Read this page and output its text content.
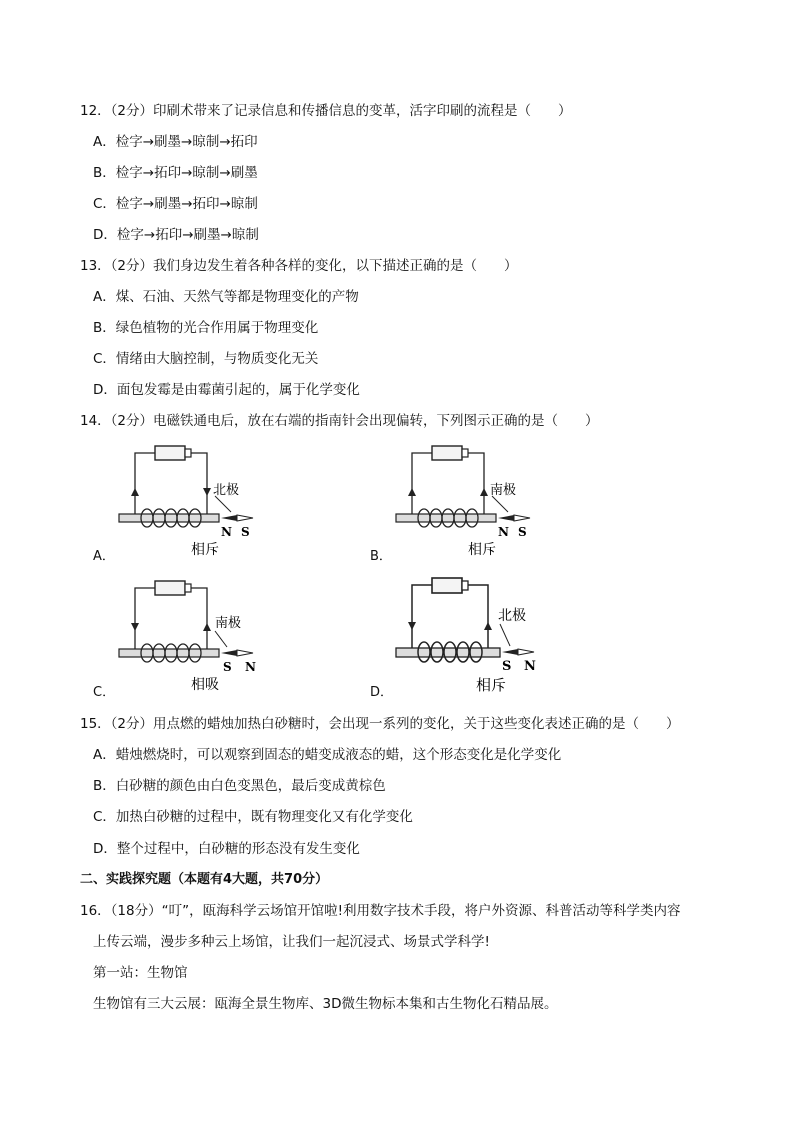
12．（2分）印刷术带来了记录信息和传播信息的变革，活字印刷的流程是（　　）
A．检字→刷墨→晾制→拓印
B．检字→拓印→晾制→刷墨
C．检字→刷墨→拓印→晾制
D．检字→拓印→刷墨→晾制
13．（2分）我们身边发生着各种各样的变化，以下描述正确的是（　　）
A．煤、石油、天然气等都是物理变化的产物
B．绿色植物的光合作用属于物理变化
C．情绪由大脑控制，与物质变化无关
D．面包发霉是由霉菌引起的，属于化学变化
14．（2分）电磁铁通电后，放在右端的指南针会出现偏转，下列图示正确的是（　　）
A．
北极
N S
相斥	B．
南极
N S
相斥
C．
南极
S N
相吸	D．
北极
S N
相斥
15．（2分）用点燃的蜡烛加热白砂糖时，会出现一系列的变化，关于这些变化表述正确的是（　　）
A．蜡烛燃烧时，可以观察到固态的蜡变成液态的蜡，这个形态变化是化学变化
B．白砂糖的颜色由白色变黑色，最后变成黄棕色
C．加热白砂糖的过程中，既有物理变化又有化学变化
D．整个过程中，白砂糖的形态没有发生变化
二、实践探究题（本题有4大题，共70分）
16．（18分）“叮”，瓯海科学云场馆开馆啦!利用数字技术手段，将户外资源、科普活动等科学类内容
上传云端，漫步多种云上场馆，让我们一起沉浸式、场景式学科学!
第一站：生物馆
生物馆有三大云展：瓯海全景生物库、3D微生物标本集和古生物化石精品展。
